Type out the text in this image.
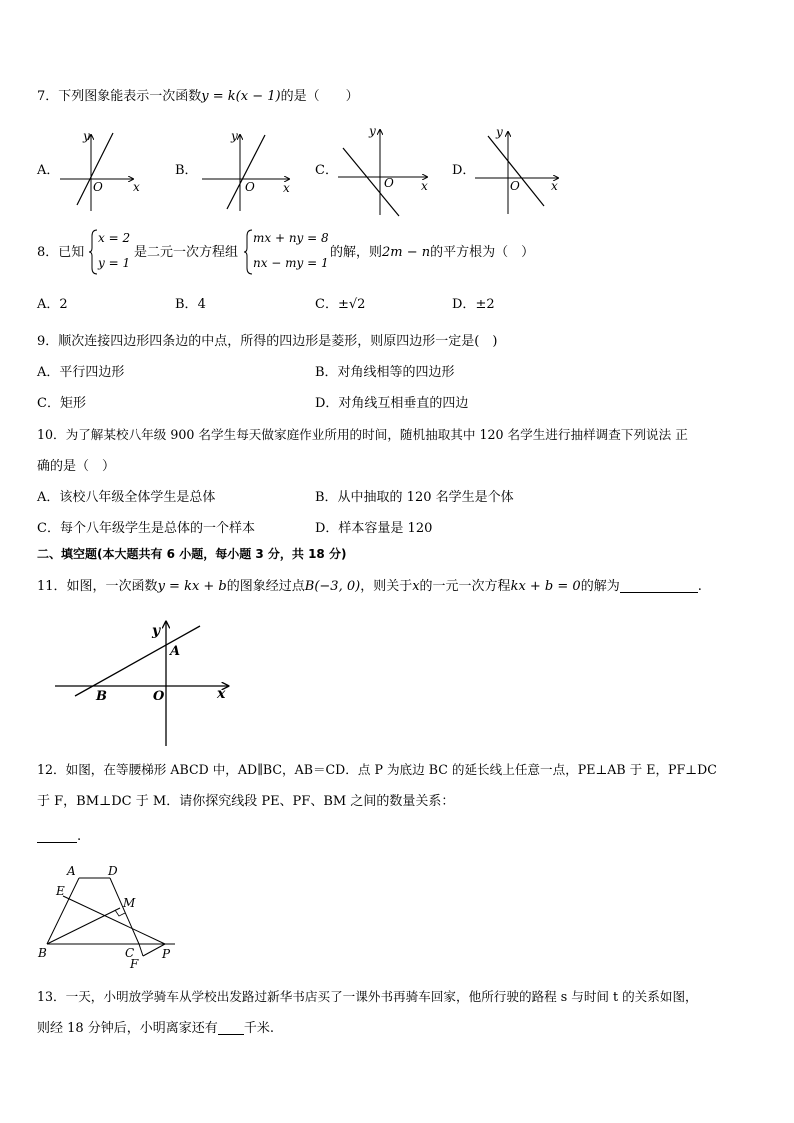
7．下列图象能表示一次函数y = k(x − 1)的是（　　）
A．	B．	C．	D．
y
x
O
y
x
O
y
x
O
y
x
O
8．已知
x = 2
y = 1
是二元一次方程组
mx + ny = 8
nx − my = 1
的解，则2m − n的平方根为（　）
A．2	B．4	C．±√2	D．±2
9．顺次连接四边形四条边的中点，所得的四边形是菱形，则原四边形一定是(　)
A．平行四边形	B．对角线相等的四边形
C．矩形	D．对角线互相垂直的四边
10．为了解某校八年级 900 名学生每天做家庭作业所用的时间，随机抽取其中 120 名学生进行抽样调查下列说法 正
确的是（　）
A．该校八年级全体学生是总体	B．从中抽取的 120 名学生是个体
C．每个八年级学生是总体的一个样本	D．样本容量是 120
二、填空题(本大题共有 6 小题，每小题 3 分，共 18 分)
11．如图，一次函数y = kx + b的图象经过点B(−3, 0)，则关于x的一元一次方程kx + b = 0的解为	.
y
x
A
B	O
12．如图，在等腰梯形 ABCD 中，AD∥BC，AB＝CD．点 P 为底边 BC 的延长线上任意一点，PE⊥AB 于 E，PF⊥DC
于 F，BM⊥DC 于 M．请你探究线段 PE、PF、BM 之间的数量关系：
.
A	D
E
M
B	C P
F
13．一天，小明放学骑车从学校出发路过新华书店买了一课外书再骑车回家，他所行驶的路程 s 与时间 t 的关系如图，
则经 18 分钟后，小明离家还有 千米.
